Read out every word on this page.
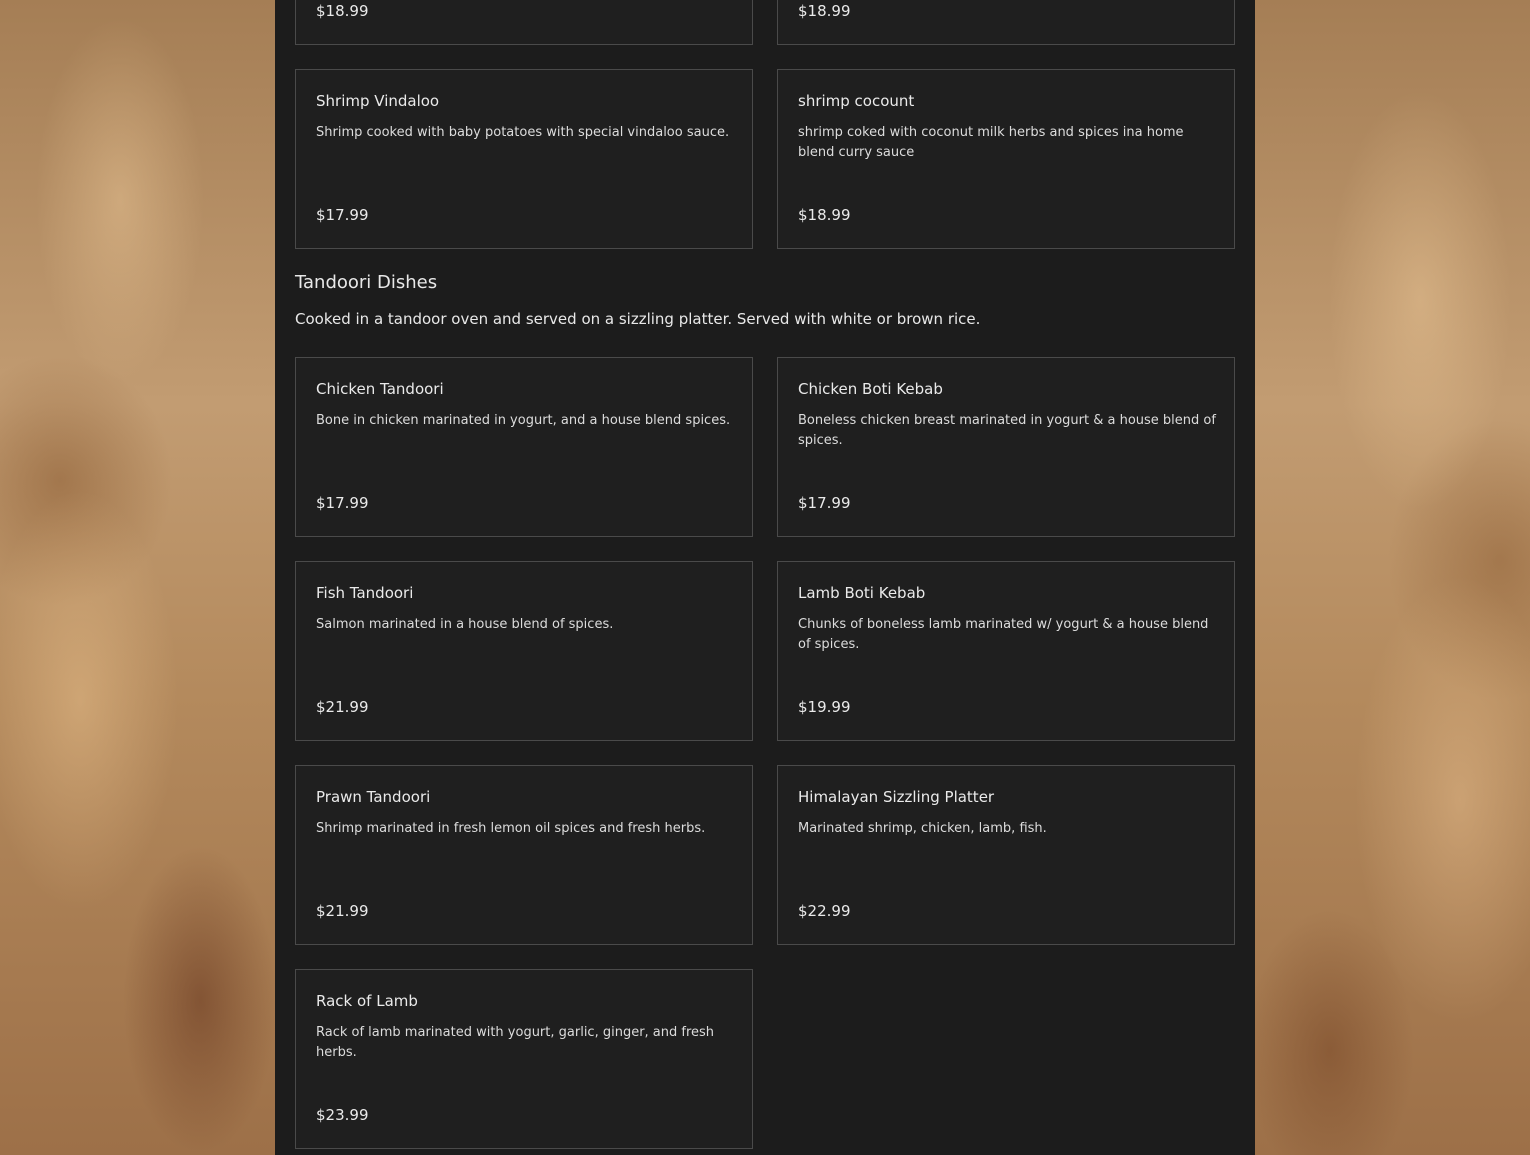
$18.99	$18.99
Shrimp Vindaloo
Shrimp cooked with baby potatoes with special vindaloo sauce.
$17.99
shrimp cocount
shrimp coked with coconut milk herbs and spices ina home blend curry sauce
$18.99
Tandoori Dishes

Cooked in a tandoor oven and served on a sizzling platter. Served with white or brown rice.

Chicken Tandoori
Bone in chicken marinated in yogurt, and a house blend spices.
$17.99
Chicken Boti Kebab
Boneless chicken breast marinated in yogurt & a house blend of spices.
$17.99
Fish Tandoori
Salmon marinated in a house blend of spices.
$21.99
Lamb Boti Kebab
Chunks of boneless lamb marinated w/ yogurt & a house blend of spices.
$19.99
Prawn Tandoori
Shrimp marinated in fresh lemon oil spices and fresh herbs.
$21.99
Himalayan Sizzling Platter
Marinated shrimp, chicken, lamb, fish.
$22.99
Rack of Lamb
Rack of lamb marinated with yogurt, garlic, ginger, and fresh herbs.
$23.99
